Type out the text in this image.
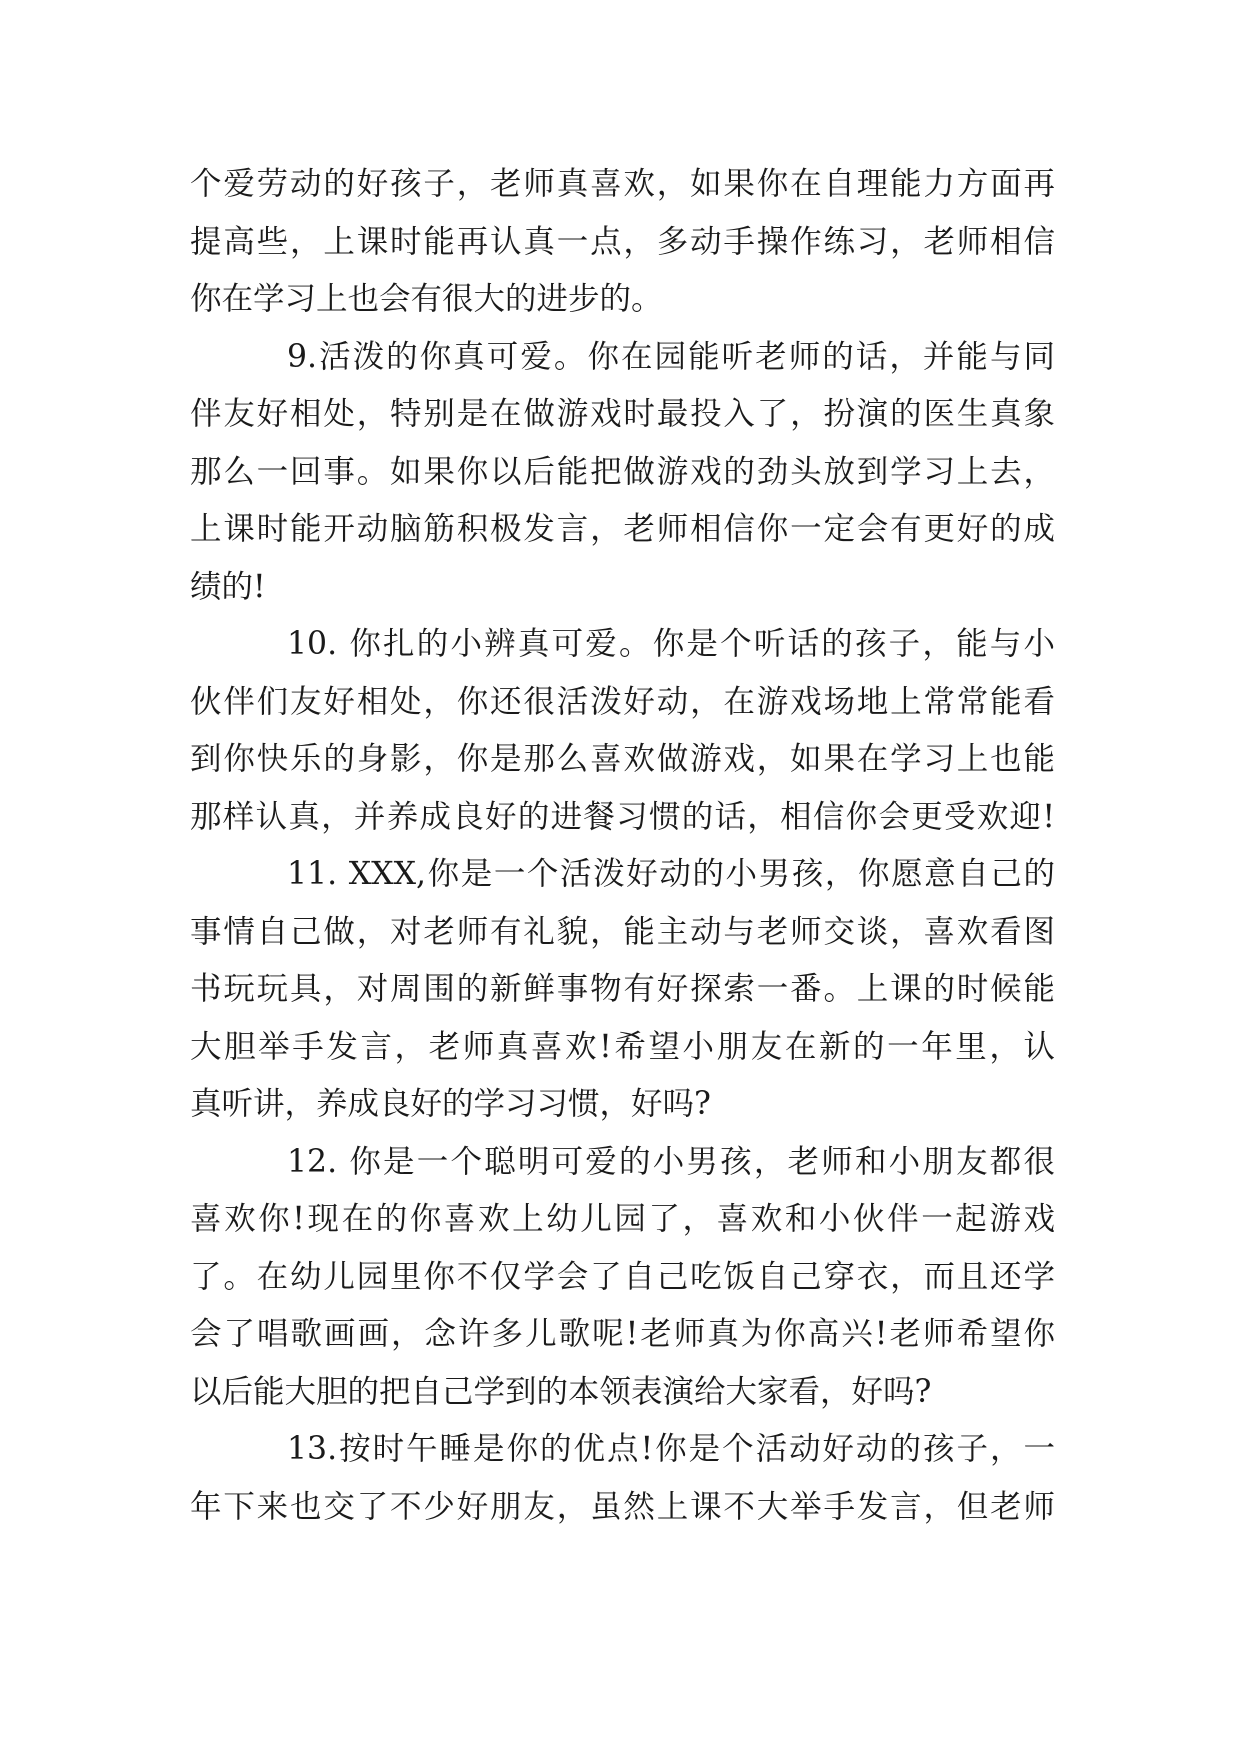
个爱劳动的好孩子，老师真喜欢，如果你在自理能力方面再
提高些，上课时能再认真一点，多动手操作练习，老师相信
你在学习上也会有很大的进步的。
9.活泼的你真可爱。你在园能听老师的话，并能与同
伴友好相处，特别是在做游戏时最投入了，扮演的医生真象
那么一回事。如果你以后能把做游戏的劲头放到学习上去，
上课时能开动脑筋积极发言，老师相信你一定会有更好的成
绩的!
10. 你扎的小辨真可爱。你是个听话的孩子，能与小
伙伴们友好相处，你还很活泼好动，在游戏场地上常常能看
到你快乐的身影，你是那么喜欢做游戏，如果在学习上也能
那样认真，并养成良好的进餐习惯的话，相信你会更受欢迎!
11. XXX,你是一个活泼好动的小男孩，你愿意自己的
事情自己做，对老师有礼貌，能主动与老师交谈，喜欢看图
书玩玩具，对周围的新鲜事物有好探索一番。上课的时候能
大胆举手发言，老师真喜欢!希望小朋友在新的一年里，认
真听讲，养成良好的学习习惯，好吗?
12. 你是一个聪明可爱的小男孩，老师和小朋友都很
喜欢你!现在的你喜欢上幼儿园了，喜欢和小伙伴一起游戏
了。在幼儿园里你不仅学会了自己吃饭自己穿衣，而且还学
会了唱歌画画，念许多儿歌呢!老师真为你高兴!老师希望你
以后能大胆的把自己学到的本领表演给大家看，好吗?
13.按时午睡是你的优点!你是个活动好动的孩子，一
年下来也交了不少好朋友，虽然上课不大举手发言，但老师
